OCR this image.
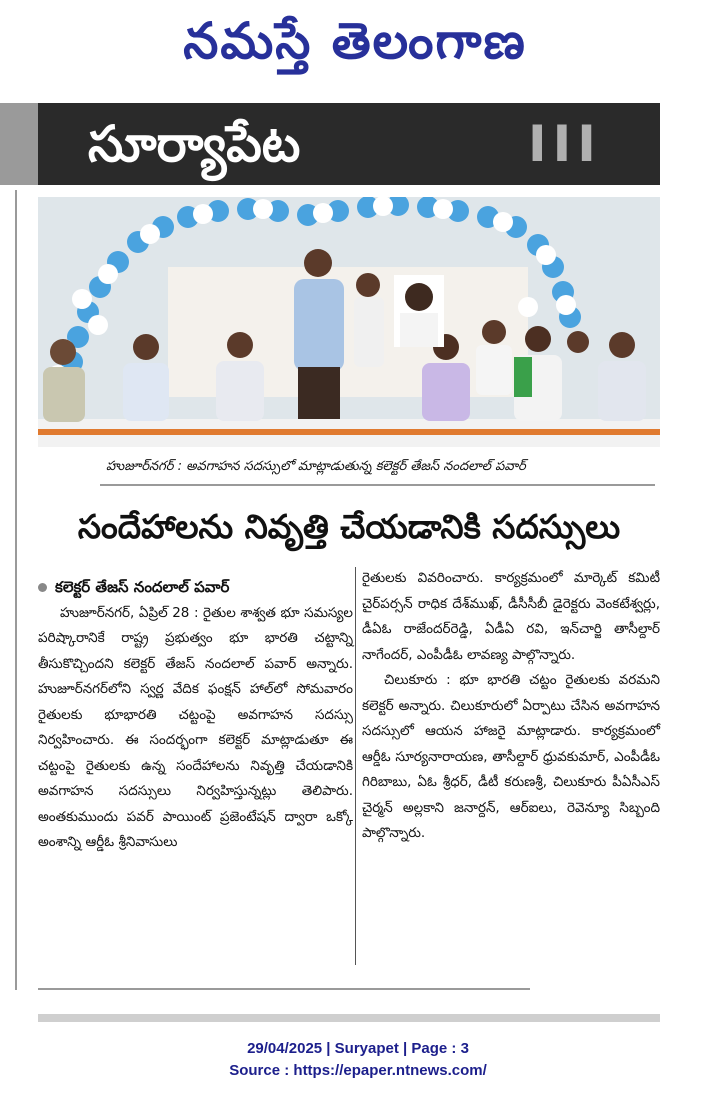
నమస్తే తెలంగాణ
సూర్యాపేట	III
హుజూర్‌నగర్ : అవగాహన సదస్సులో మాట్లాడుతున్న కలెక్టర్ తేజస్ నందలాల్ పవార్
సందేహాలను నివృత్తి చేయడానికి సదస్సులు
కలెక్టర్ తేజస్ నందలాల్ పవార్

హుజూర్‌నగర్, ఏప్రిల్ 28 : రైతుల శాశ్వత భూ సమస్యల పరిష్కారానికే రాష్ట్ర ప్రభుత్వం భూ భారతి చట్టాన్ని తీసుకొచ్చిందని కలెక్టర్ తేజస్ నందలాల్ పవార్ అన్నారు. హుజూర్‌నగర్‌లోని స్వర్ణ వేదిక ఫంక్షన్ హాల్‌లో సోమవారం రైతులకు భూభారతి చట్టంపై అవగాహన సదస్సు నిర్వహించారు. ఈ సందర్భంగా కలెక్టర్ మాట్లాడుతూ ఈ చట్టంపై రైతులకు ఉన్న సందేహాలను నివృత్తి చేయడానికి అవగాహన సదస్సులు నిర్వహిస్తున్నట్లు తెలిపారు. అంతకుముందు పవర్ పాయింట్ ప్రజెంటేషన్ ద్వారా ఒక్కో అంశాన్ని ఆర్డీఓ శ్రీనివాసులు

రైతులకు వివరించారు. కార్యక్రమంలో మార్కెట్ కమిటీ చైర్‌పర్సన్ రాధిక దేశ్‌ముఖ్, డీసీసీబీ డైరెక్టరు వెంకటేశ్వర్లు, డీఏఓ రాజేందర్‌రెడ్డి, ఏడీఏ రవి, ఇన్‌చార్జి తాసీల్దార్ నాగేందర్, ఎంపీడీఓ లావణ్య పాల్గొన్నారు.

చిలుకూరు : భూ భారతి చట్టం రైతులకు వరమని కలెక్టర్ అన్నారు. చిలుకూరులో ఏర్పాటు చేసిన అవగాహన సదస్సులో ఆయన హాజరై మాట్లాడారు. కార్యక్రమంలో ఆర్డీఓ సూర్యనారాయణ, తాసీల్దార్ ధ్రువకుమార్, ఎంపీడీఓ గిరిబాబు, ఏఓ శ్రీధర్, డీటీ కరుణశ్రీ, చిలుకూరు పీఏసీఎస్ చైర్మన్ అల్లకాని జనార్దన్, ఆర్ఐలు, రెవెన్యూ సిబ్బంది పాల్గొన్నారు.

29/04/2025 | Suryapet | Page : 3
Source : https://epaper.ntnews.com/
